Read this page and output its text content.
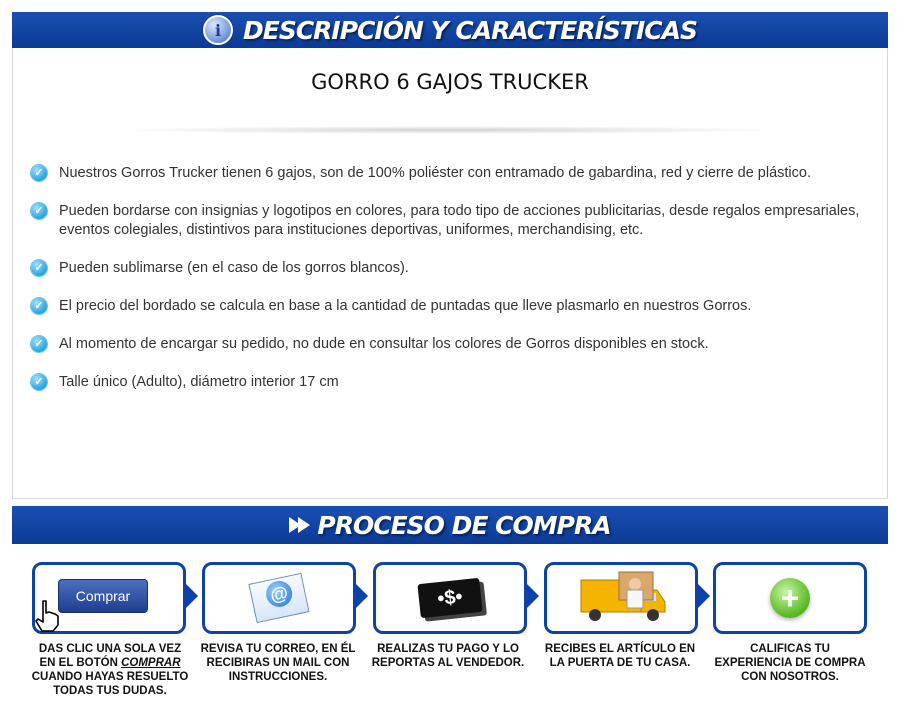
i DESCRIPCIÓN Y CARACTERÍSTICAS
GORRO 6 GAJOS TRUCKER
✓ Nuestros Gorros Trucker tienen 6 gajos, son de 100% poliéster con entramado de gabardina, red y cierre de plástico.
✓ Pueden bordarse con insignias y logotipos en colores, para todo tipo de acciones publicitarias, desde regalos empresariales, eventos colegiales, distintivos para instituciones deportivas, uniformes, merchandising, etc.
✓ Pueden sublimarse (en el caso de los gorros blancos).
✓ El precio del bordado se calcula en base a la cantidad de puntadas que lleve plasmarlo en nuestros Gorros.
✓ Al momento de encargar su pedido, no dude en consultar los colores de Gorros disponibles en stock.
✓ Talle único (Adulto), diámetro interior 17 cm
PROCESO DE COMPRA
Comprar	@	•$•	+
DAS CLIC UNA SOLA VEZ EN EL BOTÓN COMPRAR CUANDO HAYAS RESUELTO TODAS TUS DUDAS.
REVISA TU CORREO, EN ÉL RECIBIRAS UN MAIL CON INSTRUCCIONES.
REALIZAS TU PAGO Y LO REPORTAS AL VENDEDOR.
RECIBES EL ARTÍCULO EN LA PUERTA DE TU CASA.
CALIFICAS TU EXPERIENCIA DE COMPRA CON NOSOTROS.
